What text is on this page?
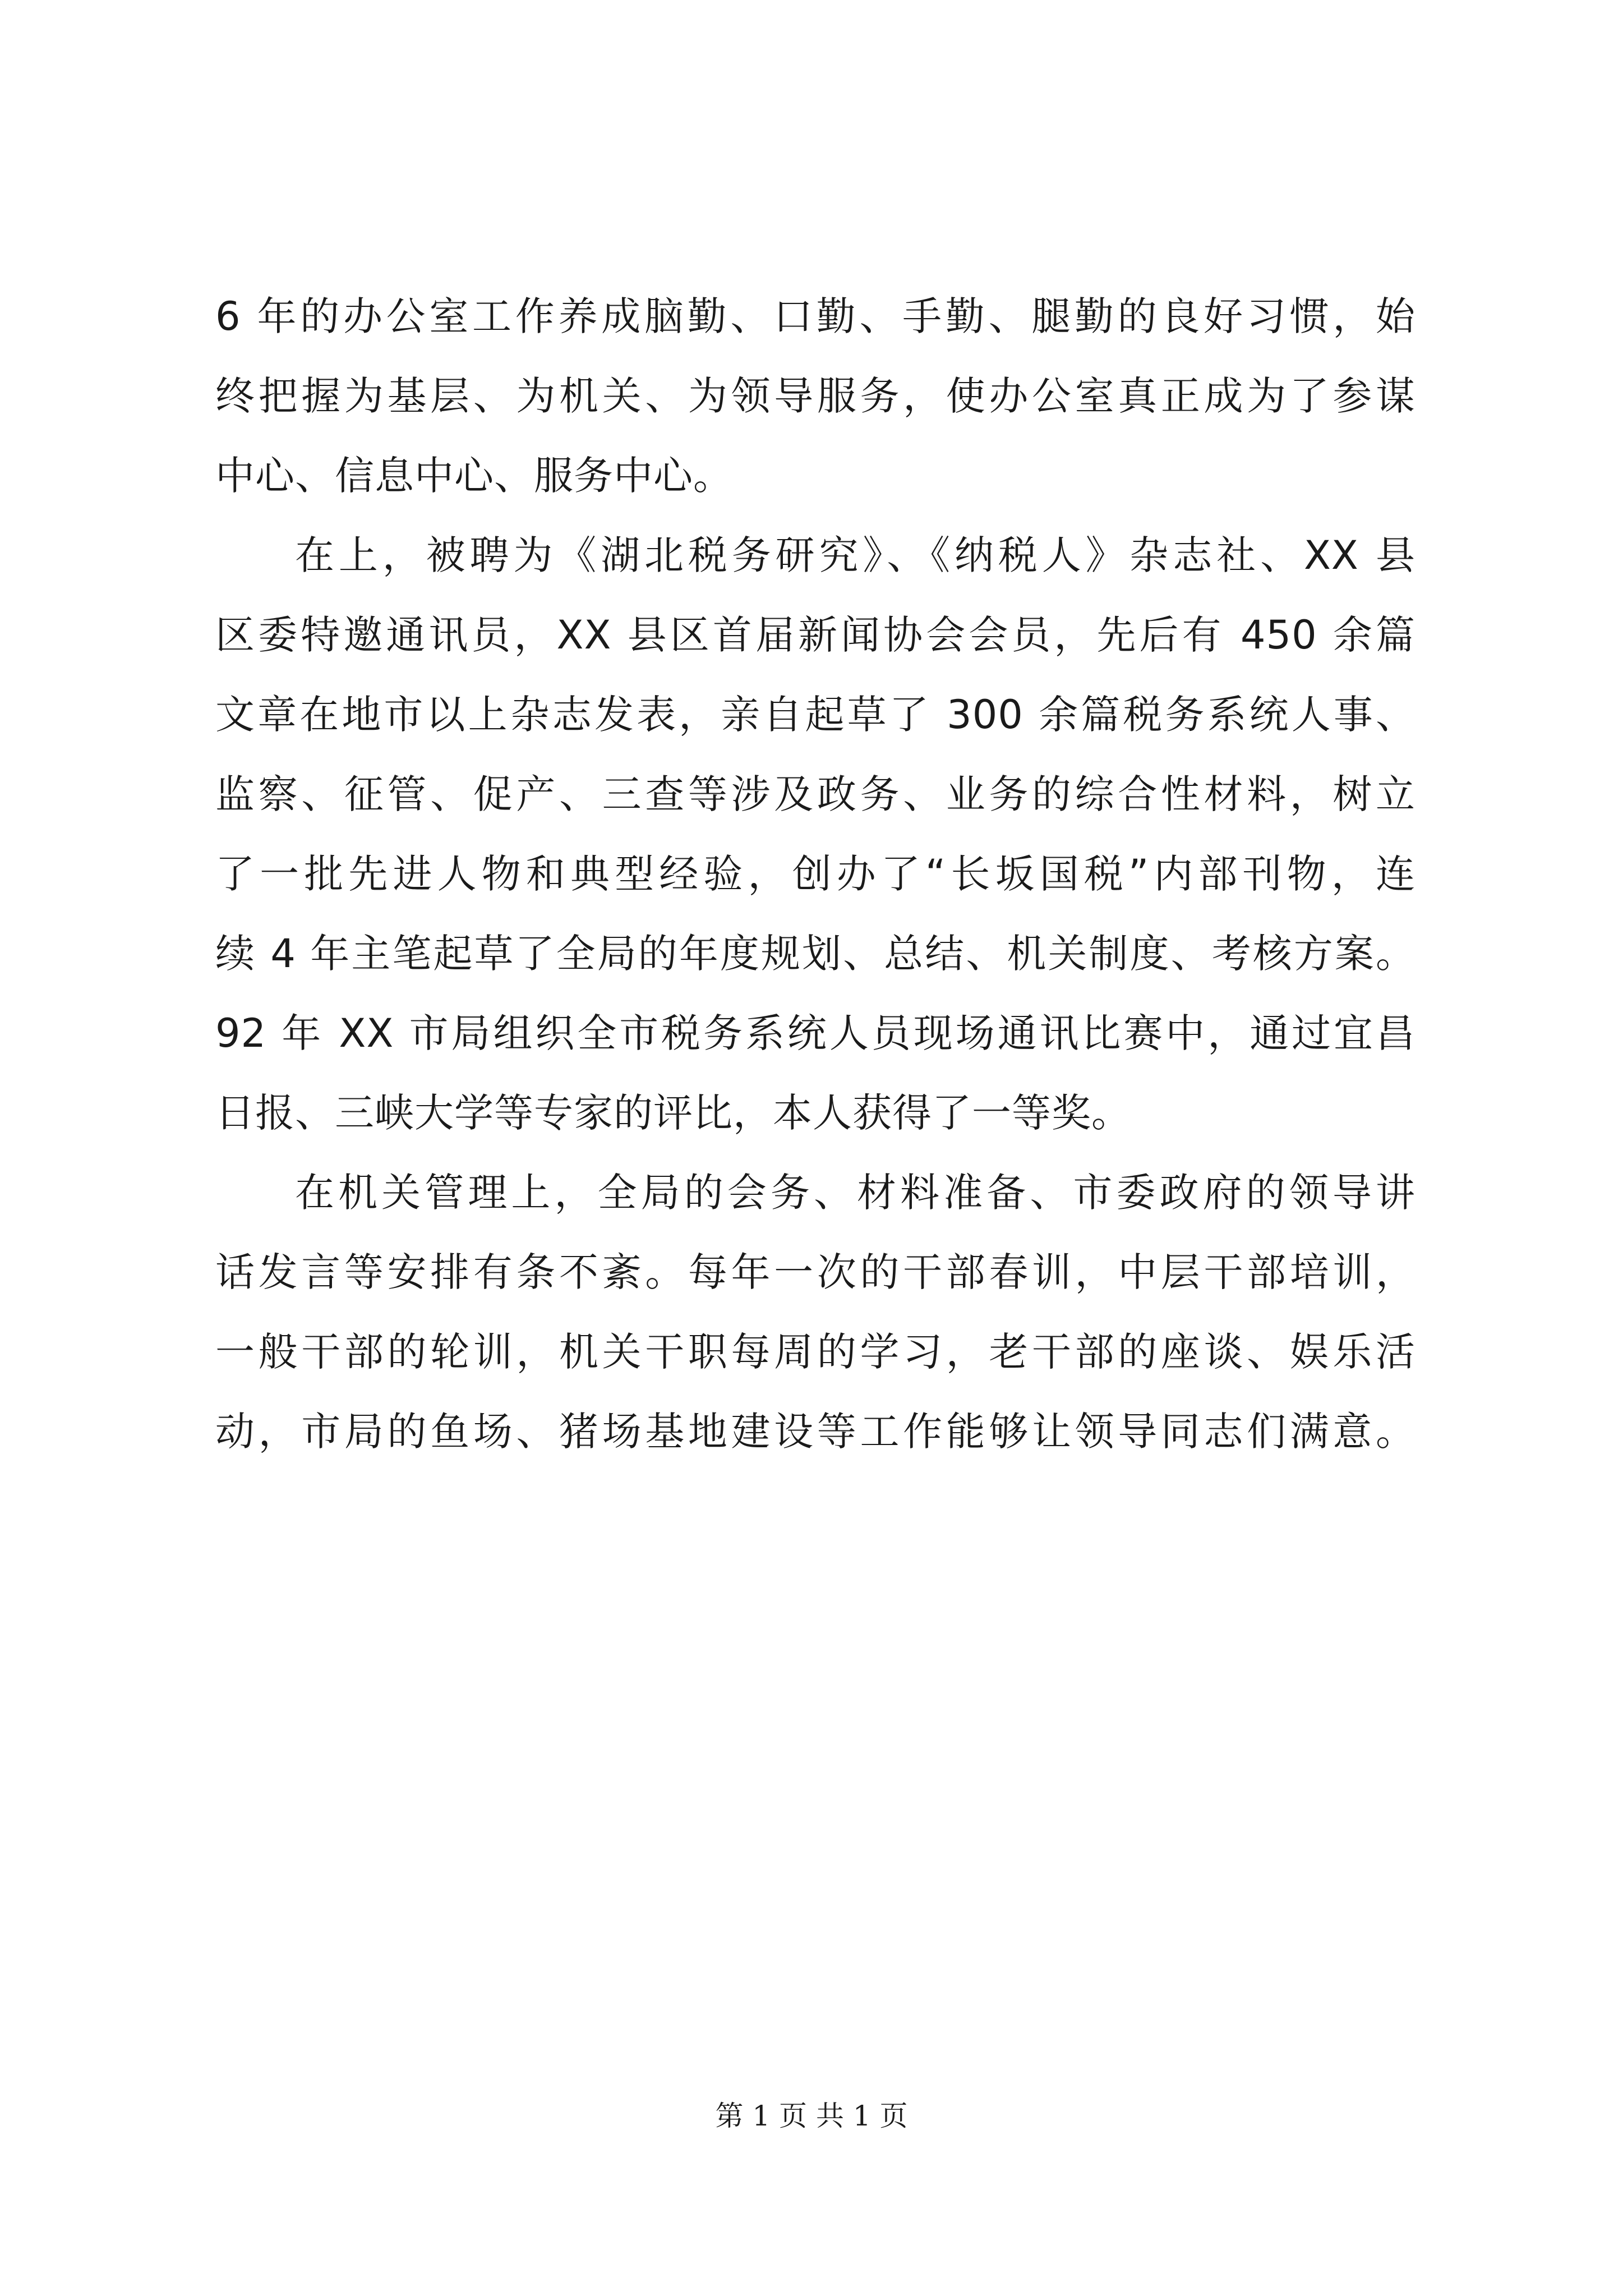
6 年的办公室工作养成脑勤、口勤、手勤、腿勤的良好习惯，始
终把握为基层、为机关、为领导服务，使办公室真正成为了参谋
中心、信息中心、服务中心。
在上，被聘为《湖北税务研究》、《纳税人》杂志社、XX 县
区委特邀通讯员，XX 县区首届新闻协会会员，先后有 450 余篇
文章在地市以上杂志发表，亲自起草了 300 余篇税务系统人事、
监察、征管、促产、三查等涉及政务、业务的综合性材料，树立
了一批先进人物和典型经验，创办了“长坂国税”内部刊物，连
续 4 年主笔起草了全局的年度规划、总结、机关制度、考核方案。
92 年 XX 市局组织全市税务系统人员现场通讯比赛中，通过宜昌
日报、三峡大学等专家的评比，本人获得了一等奖。
在机关管理上，全局的会务、材料准备、市委政府的领导讲
话发言等安排有条不紊。每年一次的干部春训，中层干部培训，
一般干部的轮训，机关干职每周的学习，老干部的座谈、娱乐活
动，市局的鱼场、猪场基地建设等工作能够让领导同志们满意。
第 1 页 共 1 页
